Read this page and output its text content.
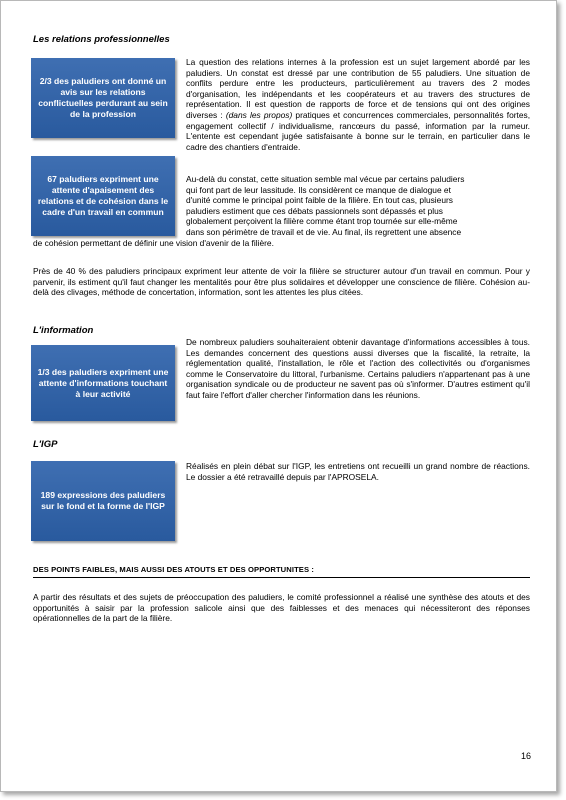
Les relations professionnelles
2/3 des paludiers ont donné un avis sur les relations conflictuelles perdurant au sein de la profession

La question des relations internes à la profession est un sujet largement abordé par les paludiers. Un constat est dressé par une contribution de 55 paludiers. Une situation de conflits perdure entre les producteurs, particulièrement au travers des 2 modes d'organisation, les indépendants et les coopérateurs et au travers des structures de représentation. Il est question de rapports de force et de tensions qui ont des origines diverses : (dans les propos) pratiques et concurrences commerciales, personnalités fortes, engagement collectif / individualisme, rancœurs du passé, information par la rumeur. L'entente est cependant jugée satisfaisante à bonne sur le terrain, en particulier dans le cadre des chantiers d'entraide.

67 paludiers expriment une attente d'apaisement des relations et de cohésion dans le cadre d'un travail en commun

Au-delà du constat, cette situation semble mal vécue par certains paludiers

qui font part de leur lassitude. Ils considèrent ce manque de dialogue et

d'unité comme le principal point faible de la filière. En tout cas, plusieurs

paludiers estiment que ces débats passionnels sont dépassés et plus

globalement perçoivent la filière comme étant trop tournée sur elle-même

dans son périmètre de travail et de vie. Au final, ils regrettent une absence

de cohésion permettant de définir une vision d'avenir de la filière.

Près de 40 % des paludiers principaux expriment leur attente de voir la filière se structurer autour d'un travail en commun. Pour y parvenir, ils estiment qu'il faut changer les mentalités pour être plus solidaires et développer une conscience de filière. Cohésion au-delà des clivages, méthode de concertation, information, sont les attentes les plus citées.

L'information
1/3 des paludiers expriment une attente d'informations touchant à leur activité

De nombreux paludiers souhaiteraient obtenir davantage d'informations accessibles à tous. Les demandes concernent des questions aussi diverses que la fiscalité, la retraite, la réglementation qualité, l'installation, le rôle et l'action des collectivités ou d'organismes comme le Conservatoire du littoral, l'urbanisme. Certains paludiers n'appartenant pas à une organisation syndicale ou de producteur ne savent pas où s'informer. D'autres estiment qu'il faut faire l'effort d'aller chercher l'information dans les réunions.

L'IGP
189 expressions des paludiers sur le fond et la forme de l'IGP

Réalisés en plein débat sur l'IGP, les entretiens ont recueilli un grand nombre de réactions. Le dossier a été retravaillé depuis par l'APROSELA.

DES POINTS FAIBLES, MAIS AUSSI DES ATOUTS ET DES OPPORTUNITES :

A partir des résultats et des sujets de préoccupation des paludiers, le comité professionnel a réalisé une synthèse des atouts et des opportunités à saisir par la profession salicole ainsi que des faiblesses et des menaces qui nécessiteront des réponses opérationnelles de la part de la filière.

16
